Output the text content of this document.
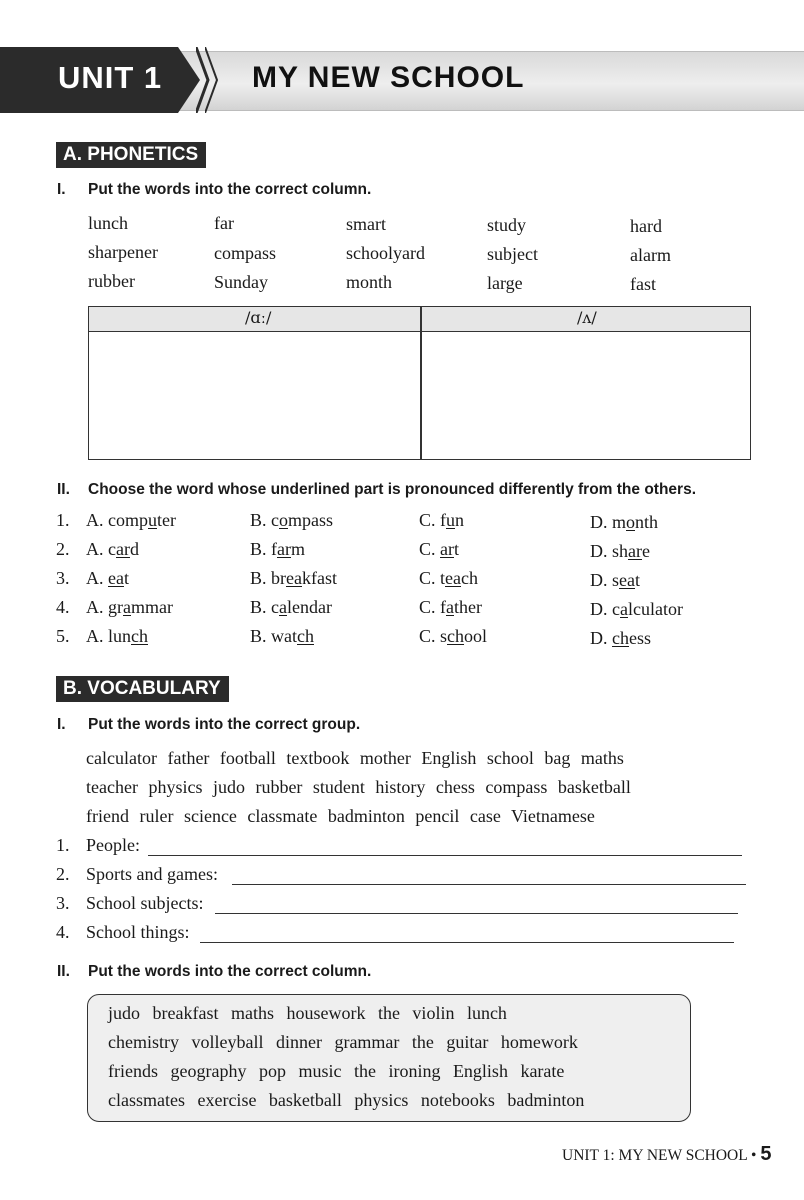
UNIT 1	MY NEW SCHOOL
A. PHONETICS
I. Put the words into the correct column.
lunch	far	smart	study	hard
sharpener	compass	schoolyard	subject	alarm
rubber	Sunday	month	large	fast
/ɑː/	/ʌ/
II. Choose the word whose underlined part is pronounced differently from the others.
1. A. computer	B. compass	C. fun	D. month
2. A. card	B. farm	C. art	D. share
3. A. eat	B. breakfast	C. teach	D. seat
4. A. grammar	B. calendar	C. father	D. calculator
5. A. lunch	B. watch	C. school	D. chess
B. VOCABULARY
I. Put the words into the correct group.
calculator father football textbook mother English school bag maths
teacher physics judo rubber student history chess compass basketball
friend ruler science classmate badminton pencil case Vietnamese
1. People:
2. Sports and games:
3. School subjects:
4. School things:
II. Put the words into the correct column.
judo breakfast maths housework the violin lunch
chemistry volleyball dinner grammar the guitar homework
friends geography pop music the ironing English karate
classmates exercise basketball physics notebooks badminton
UNIT 1: MY NEW SCHOOL • 5
